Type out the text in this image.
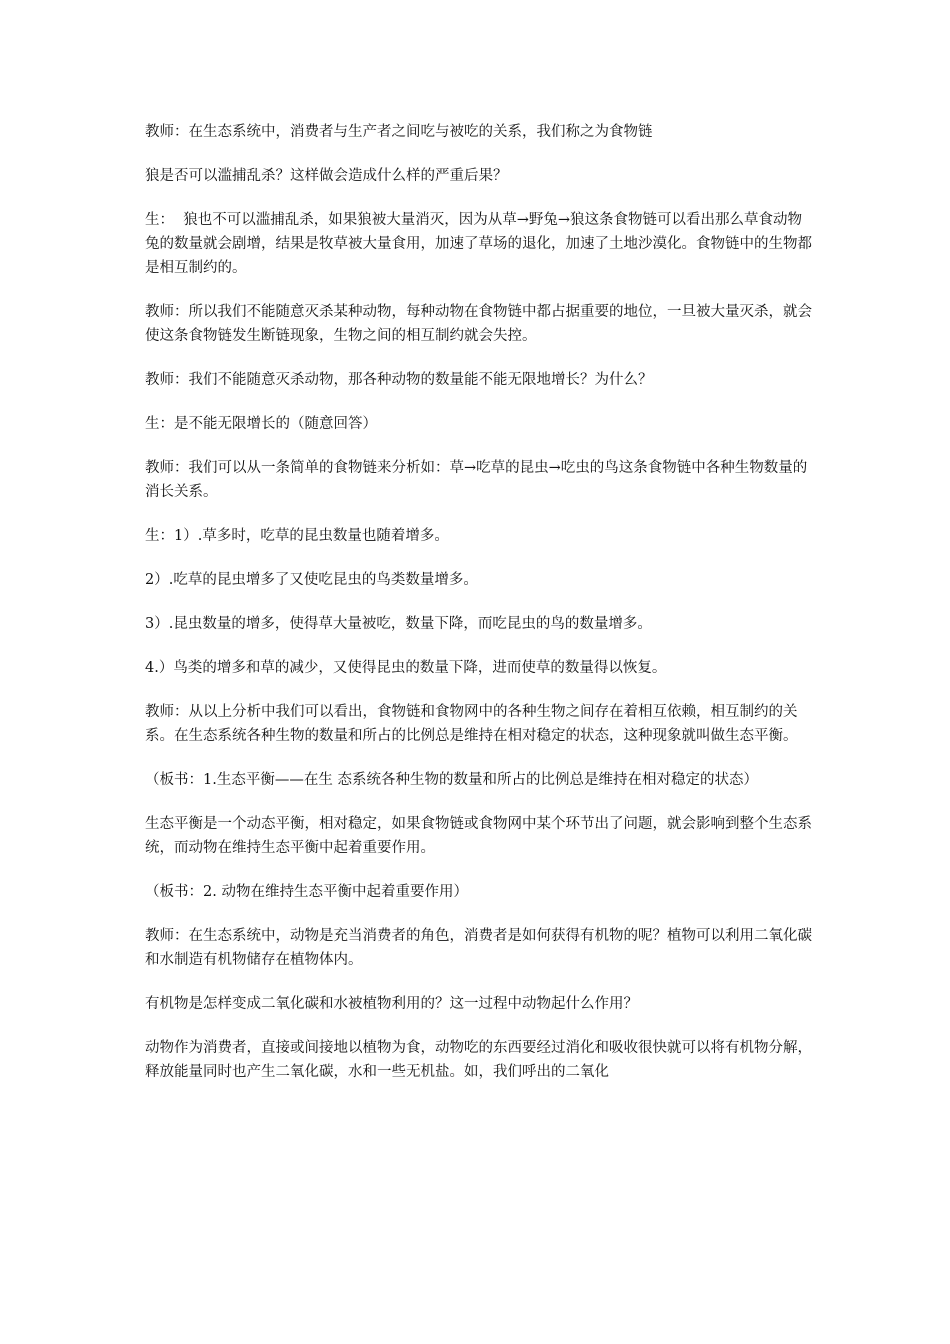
教师：在生态系统中，消费者与生产者之间吃与被吃的关系，我们称之为食物链

狼是否可以滥捕乱杀？这样做会造成什么样的严重后果？

生：  狼也不可以滥捕乱杀，如果狼被大量消灭，因为从草→野兔→狼这条食物链可以看出那么草食动物兔的数量就会剧增，结果是牧草被大量食用，加速了草场的退化，加速了土地沙漠化。食物链中的生物都是相互制约的。

教师：所以我们不能随意灭杀某种动物，每种动物在食物链中都占据重要的地位，一旦被大量灭杀，就会使这条食物链发生断链现象，生物之间的相互制约就会失控。

教师：我们不能随意灭杀动物，那各种动物的数量能不能无限地增长？为什么？

生：是不能无限增长的（随意回答）

教师：我们可以从一条简单的食物链来分析如：草→吃草的昆虫→吃虫的鸟这条食物链中各种生物数量的消长关系。

生：1）.草多时，吃草的昆虫数量也随着增多。

2）.吃草的昆虫增多了又使吃昆虫的鸟类数量增多。

3）.昆虫数量的增多，使得草大量被吃，数量下降，而吃昆虫的鸟的数量增多。

4.）鸟类的增多和草的减少，又使得昆虫的数量下降，进而使草的数量得以恢复。

教师：从以上分析中我们可以看出，食物链和食物网中的各种生物之间存在着相互依赖，相互制约的关系。在生态系统各种生物的数量和所占的比例总是维持在相对稳定的状态，这种现象就叫做生态平衡。

（板书：1.生态平衡——在生 态系统各种生物的数量和所占的比例总是维持在相对稳定的状态）

生态平衡是一个动态平衡，相对稳定，如果食物链或食物网中某个环节出了问题，就会影响到整个生态系统，而动物在维持生态平衡中起着重要作用。

（板书：2. 动物在维持生态平衡中起着重要作用）

教师：在生态系统中，动物是充当消费者的角色，消费者是如何获得有机物的呢？植物可以利用二氧化碳和水制造有机物储存在植物体内。

有机物是怎样变成二氧化碳和水被植物利用的？这一过程中动物起什么作用？

动物作为消费者，直接或间接地以植物为食，动物吃的东西要经过消化和吸收很快就可以将有机物分解，释放能量同时也产生二氧化碳，水和一些无机盐。如，我们呼出的二氧化
